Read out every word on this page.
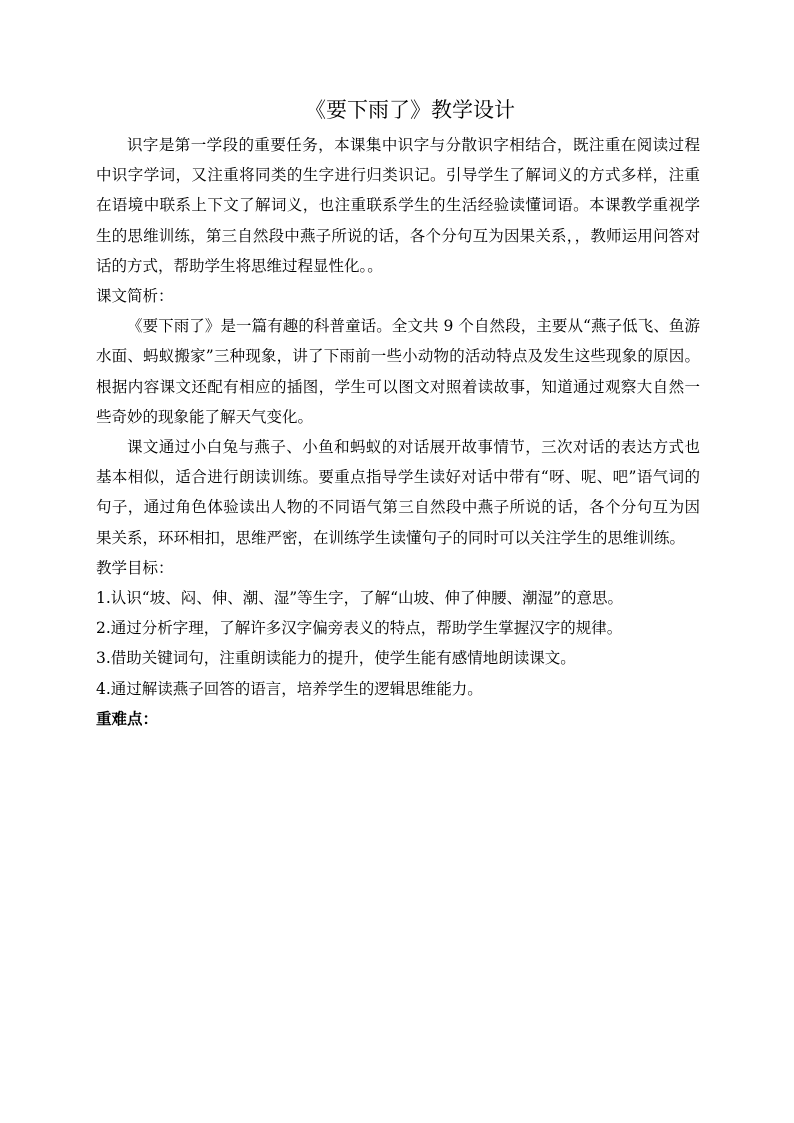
《要下雨了》教学设计

识字是第一学段的重要任务，本课集中识字与分散识字相结合，既注重在阅读过程中识字学词，又注重将同类的生字进行归类识记。引导学生了解词义的方式多样，注重在语境中联系上下文了解词义，也注重联系学生的生活经验读懂词语。本课教学重视学生的思维训练，第三自然段中燕子所说的话，各个分句互为因果关系，，教师运用问答对话的方式，帮助学生将思维过程显性化。。

课文简析：

《要下雨了》是一篇有趣的科普童话。全文共 9 个自然段，主要从“燕子低飞、鱼游水面、蚂蚁搬家”三种现象，讲了下雨前一些小动物的活动特点及发生这些现象的原因。根据内容课文还配有相应的插图，学生可以图文对照着读故事，知道通过观察大自然一些奇妙的现象能了解天气变化。

课文通过小白兔与燕子、小鱼和蚂蚁的对话展开故事情节，三次对话的表达方式也基本相似，适合进行朗读训练。要重点指导学生读好对话中带有“呀、呢、吧”语气词的句子，通过角色体验读出人物的不同语气第三自然段中燕子所说的话，各个分句互为因果关系，环环相扣，思维严密，在训练学生读懂句子的同时可以关注学生的思维训练。

教学目标：
1.认识“坡、闷、伸、潮、湿”等生字，了解“山坡、伸了伸腰、潮湿”的意思。
2.通过分析字理，了解许多汉字偏旁表义的特点，帮助学生掌握汉字的规律。
3.借助关键词句，注重朗读能力的提升，使学生能有感情地朗读课文。
4.通过解读燕子回答的语言，培养学生的逻辑思维能力。
重难点：
